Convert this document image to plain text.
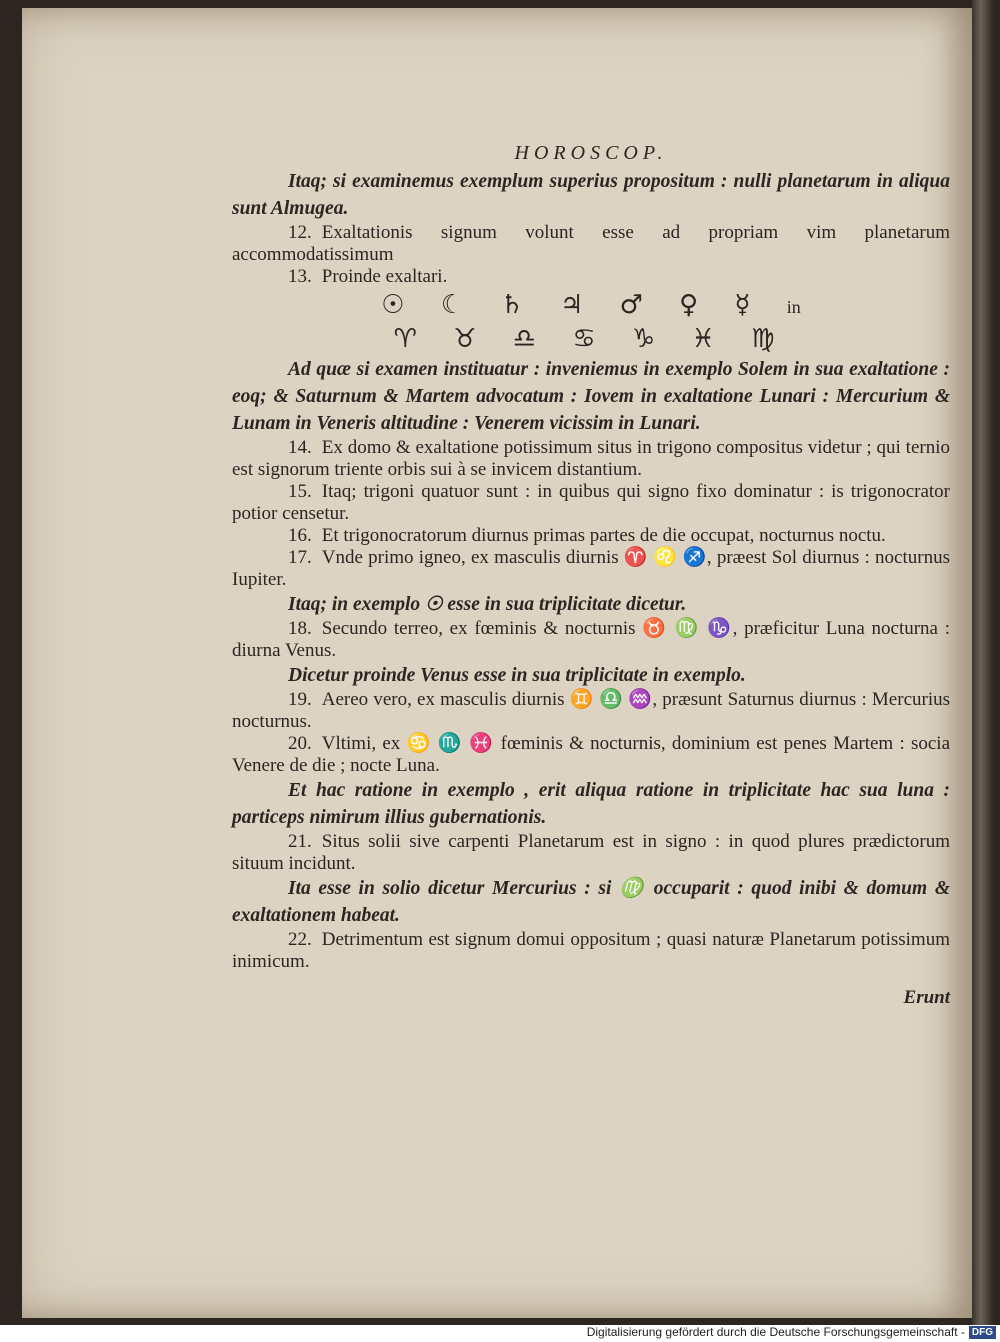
HOROSCOP.

Itaq; si examinemus exemplum superius propositum : nulli planetarum in aliqua sunt Almugea.

12. Exaltationis signum volunt esse ad propriam vim planetarum accommodatissimum

13. Proinde exaltari.

☉ ☾ ♄ ♃ ♂ ♀ ☿ in
♈ ♉ ♎ ♋ ♑ ♓ ♍

Ad quæ si examen instituatur : inveniemus in exemplo Solem in sua exaltatione : eoq; & Saturnum & Martem advocatum : Iovem in exaltatione Lunari : Mercurium & Lunam in Veneris altitudine : Venerem vicissim in Lunari.

14. Ex domo & exaltatione potissimum situs in trigono compositus videtur ; qui ternio est signorum triente orbis sui à se invicem distantium.

15. Itaq; trigoni quatuor sunt : in quibus qui signo fixo dominatur : is trigonocrator potior censetur.

16. Et trigonocratorum diurnus primas partes de die occupat, nocturnus noctu.

17. Vnde primo igneo, ex masculis diurnis ♈ ♌ ♐, præest Sol diurnus : nocturnus Iupiter.

Itaq; in exemplo ☉ esse in sua triplicitate dicetur.

18. Secundo terreo, ex fœminis & nocturnis ♉ ♍ ♑, præficitur Luna nocturna : diurna Venus.

Dicetur proinde Venus esse in sua triplicitate in exemplo.

19. Aereo vero, ex masculis diurnis ♊ ♎ ♒, præsunt Saturnus diurnus : Mercurius nocturnus.

20. Vltimi, ex ♋ ♏ ♓ fœminis & nocturnis, dominium est penes Martem : socia Venere de die ; nocte Luna.

Et hac ratione in exemplo , erit aliqua ratione in triplicitate hac sua luna : particeps nimirum illius gubernationis.

21. Situs solii sive carpenti Planetarum est in signo : in quod plures prædictorum situum incidunt.

Ita esse in solio dicetur Mercurius : si ♍ occuparit : quod inibi & domum & exaltationem habeat.

22. Detrimentum est signum domui oppositum ; quasi naturæ Planetarum potissimum inimicum.

Erunt
Digitalisierung gefördert durch die Deutsche Forschungsgemeinschaft - DFG
